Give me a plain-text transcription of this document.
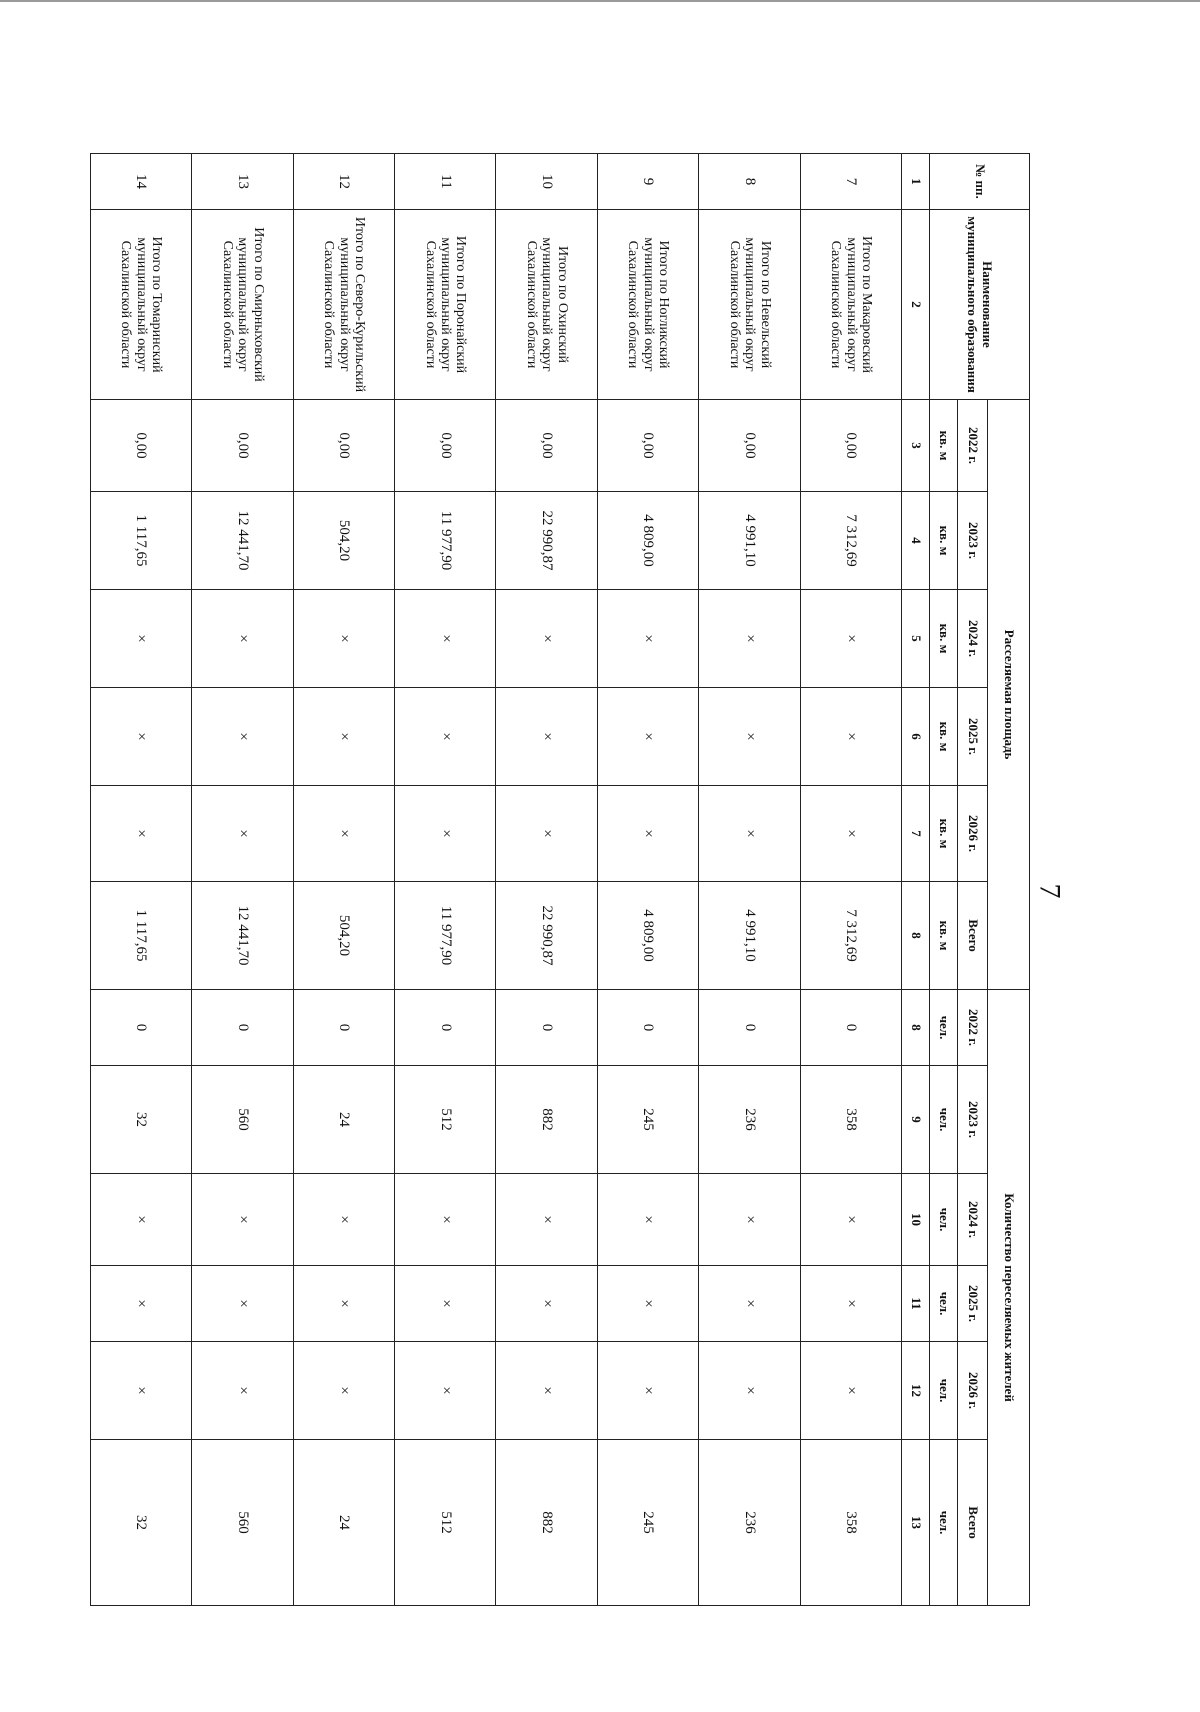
7
№ пп.	Наименование муниципального образования	Расселяемая площадь						Количество переселяемых жителей					
		2022 г.	2023 г.	2024 г.	2025 г.	2026 г.	Всего	2022 г.	2023 г.	2024 г.	2025 г.	2026 г.	Всего
		кв. м	кв. м	кв. м	кв. м	кв. м	кв. м	чел.	чел.	чел.	чел.	чел.	чел.
1	2	3	4	5	6	7	8	8	9	10	11	12	13
7	Итого по Макаровский муниципальный округ Сахалинской области	0,00	7 312,69	×	×	×	7 312,69	0	358	×	×	×	358
8	Итого по Невельский муниципальный округ Сахалинской области	0,00	4 991,10	×	×	×	4 991,10	0	236	×	×	×	236
9	Итого по Ногликский муниципальный округ Сахалинской области	0,00	4 809,00	×	×	×	4 809,00	0	245	×	×	×	245
10	Итого по Охинский муниципальный округ Сахалинской области	0,00	22 990,87	×	×	×	22 990,87	0	882	×	×	×	882
11	Итого по Поронайский муниципальный округ Сахалинской области	0,00	11 977,90	×	×	×	11 977,90	0	512	×	×	×	512
12	Итого по Северо-Курильский муниципальный округ Сахалинской области	0,00	504,20	×	×	×	504,20	0	24	×	×	×	24
13	Итого по Смирныховский муниципальный округ Сахалинской области	0,00	12 441,70	×	×	×	12 441,70	0	560	×	×	×	560
14	Итого по Томаринский муниципальный округ Сахалинской области	0,00	1 117,65	×	×	×	1 117,65	0	32	×	×	×	32
